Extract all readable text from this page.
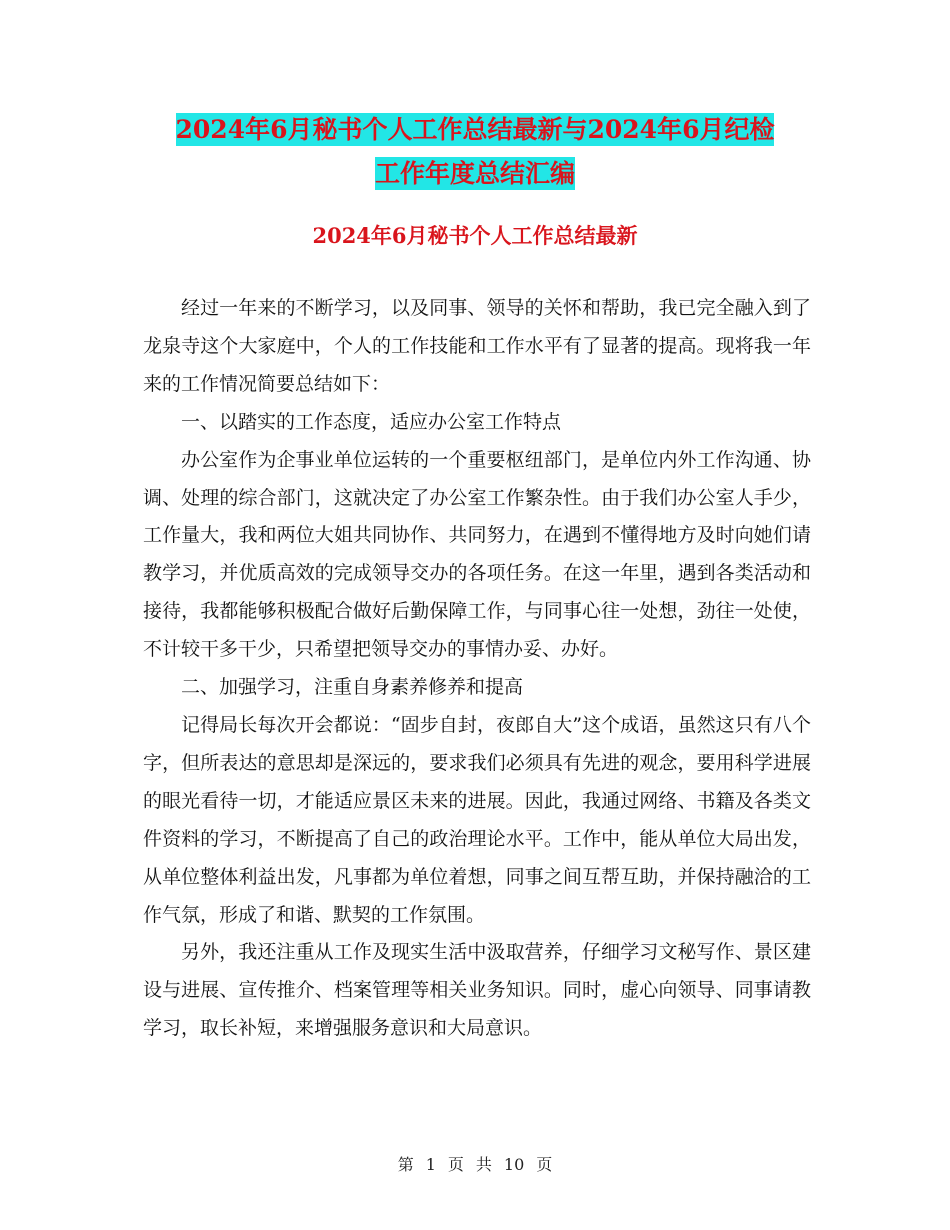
2024年6月秘书个人工作总结最新与2024年6月纪检
工作年度总结汇编
2024年6月秘书个人工作总结最新

经过一年来的不断学习，以及同事、领导的关怀和帮助，我已完全融入到了龙泉寺这个大家庭中，个人的工作技能和工作水平有了显著的提高。现将我一年来的工作情况简要总结如下：

一、以踏实的工作态度，适应办公室工作特点

办公室作为企事业单位运转的一个重要枢纽部门，是单位内外工作沟通、协调、处理的综合部门，这就决定了办公室工作繁杂性。由于我们办公室人手少，工作量大，我和两位大姐共同协作、共同努力，在遇到不懂得地方及时向她们请教学习，并优质高效的完成领导交办的各项任务。在这一年里，遇到各类活动和接待，我都能够积极配合做好后勤保障工作，与同事心往一处想，劲往一处使，不计较干多干少，只希望把领导交办的事情办妥、办好。

二、加强学习，注重自身素养修养和提高

记得局长每次开会都说：“固步自封，夜郎自大”这个成语，虽然这只有八个字，但所表达的意思却是深远的，要求我们必须具有先进的观念，要用科学进展的眼光看待一切，才能适应景区未来的进展。因此，我通过网络、书籍及各类文件资料的学习，不断提高了自己的政治理论水平。工作中，能从单位大局出发，从单位整体利益出发，凡事都为单位着想，同事之间互帮互助，并保持融洽的工作气氛，形成了和谐、默契的工作氛围。

另外，我还注重从工作及现实生活中汲取营养，仔细学习文秘写作、景区建设与进展、宣传推介、档案管理等相关业务知识。同时，虚心向领导、同事请教学习，取长补短，来增强服务意识和大局意识。

第 1 页 共 10 页
